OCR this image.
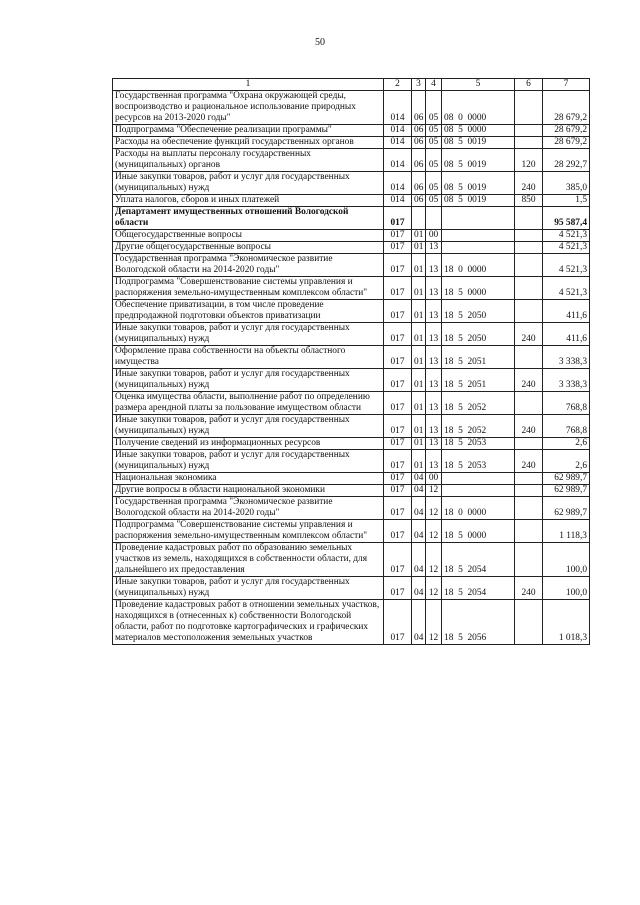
50
1	2	3	4	5	6	7
Государственная программа "Охрана окружающей среды, воспроизводство и рациональное использование природных ресурсов на 2013-2020 годы"	014	06	05	08  0  0000		28 679,2
Подпрограмма "Обеспечение реализации программы"	014	06	05	08  5  0000		28 679,2
Расходы на обеспечение функций государственных органов	014	06	05	08  5  0019		28 679,2
Расходы на выплаты персоналу государственных (муниципальных) органов	014	06	05	08  5  0019	120	28 292,7
Иные закупки товаров, работ и услуг для государственных (муниципальных) нужд	014	06	05	08  5  0019	240	385,0
Уплата налогов, сборов и иных платежей	014	06	05	08  5  0019	850	1,5
Департамент имущественных отношений Вологодской области	017					95 587,4
Общегосударственные вопросы	017	01	00			4 521,3
Другие общегосударственные вопросы	017	01	13			4 521,3
Государственная программа "Экономическое развитие Вологодской области на 2014-2020 годы"	017	01	13	18  0  0000		4 521,3
Подпрограмма "Совершенствование системы управления и распоряжения земельно-имущественным комплексом области"	017	01	13	18  5  0000		4 521,3
Обеспечение приватизации, в том числе проведение предпродажной подготовки объектов приватизации	017	01	13	18  5  2050		411,6
Иные закупки товаров, работ и услуг для государственных (муниципальных) нужд	017	01	13	18  5  2050	240	411,6
Оформление права собственности на объекты областного имущества	017	01	13	18  5  2051		3 338,3
Иные закупки товаров, работ и услуг для государственных (муниципальных) нужд	017	01	13	18  5  2051	240	3 338,3
Оценка имущества области, выполнение работ по определению размера арендной платы за пользование имуществом области	017	01	13	18  5  2052		768,8
Иные закупки товаров, работ и услуг для государственных (муниципальных) нужд	017	01	13	18  5  2052	240	768,8
Получение сведений из информационных ресурсов	017	01	13	18  5  2053		2,6
Иные закупки товаров, работ и услуг для государственных (муниципальных) нужд	017	01	13	18  5  2053	240	2,6
Национальная экономика	017	04	00			62 989,7
Другие вопросы в области национальной экономики	017	04	12			62 989,7
Государственная программа "Экономическое развитие Вологодской области на 2014-2020 годы"	017	04	12	18  0  0000		62 989,7
Подпрограмма "Совершенствование системы управления и распоряжения земельно-имущественным комплексом области"	017	04	12	18  5  0000		1 118,3
Проведение кадастровых работ по образованию земельных участков из земель, находящихся в собственности области, для дальнейшего их предоставления	017	04	12	18  5  2054		100,0
Иные закупки товаров, работ и услуг для государственных (муниципальных) нужд	017	04	12	18  5  2054	240	100,0
Проведение кадастровых работ в отношении земельных участков, находящихся в (отнесенных к) собственности Вологодской области, работ по подготовке картографических и графических материалов местоположения земельных участков	017	04	12	18  5  2056		1 018,3
